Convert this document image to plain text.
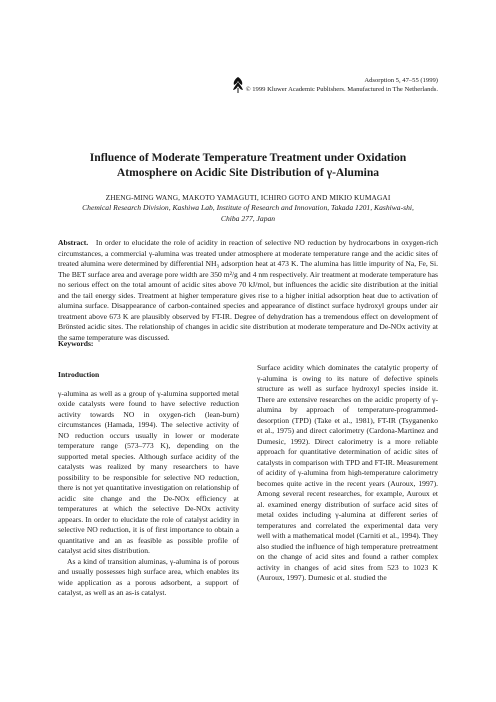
Adsorption 5, 47–55 (1999)
© 1999 Kluwer Academic Publishers. Manufactured in The Netherlands.
Influence of Moderate Temperature Treatment under Oxidation
Atmosphere on Acidic Site Distribution of γ-Alumina
ZHENG-MING WANG, MAKOTO YAMAGUTI, ICHIRO GOTO AND MIKIO KUMAGAI
Chemical Research Division, Kashiwa Lab, Institute of Research and Innovation, Takada 1201, Kashiwa-shi,
Chiba 277, Japan
Abstract. In order to elucidate the role of acidity in reaction of selective NO reduction by hydrocarbons in oxygen-rich circumstances, a commercial γ-alumina was treated under atmosphere at moderate temperature range and the acidic sites of treated alumina were determined by differential NH₃ adsorption heat at 473 K. The alumina has little impurity of Na, Fe, Si. The BET surface area and average pore width are 350 m²/g and 4 nm respectively. Air treatment at moderate temperature has no serious effect on the total amount of acidic sites above 70 kJ/mol, but influences the acidic site distribution at the initial and the tail energy sides. Treatment at higher temperature gives rise to a higher initial adsorption heat due to activation of alumina surface. Disappearance of carbon-contained species and appearance of distinct surface hydroxyl groups under air treatment above 673 K are plausibly observed by FT-IR. Degree of dehydration has a tremendous effect on development of Brönsted acidic sites. The relationship of changes in acidic site distribution at moderate temperature and De-NOx activity at the same temperature was discussed.
Keywords:
Introduction

γ-alumina as well as a group of γ-alumina supported metal oxide catalysts were found to have selective reduction activity towards NO in oxygen-rich (lean-burn) circumstances (Hamada, 1994). The selective activity of NO reduction occurs usually in lower or moderate temperature range (573–773 K), depending on the supported metal species. Although surface acidity of the catalysts was realized by many researchers to have possibility to be responsible for selective NO reduction, there is not yet quantitative investigation on relationship of acidic site change and the De-NOx efficiency at temperatures at which the selective De-NOx activity appears. In order to elucidate the role of catalyst acidity in selective NO reduction, it is of first importance to obtain a quantitative and an as feasible as possible profile of catalyst acid sites distribution.

As a kind of transition aluminas, γ-alumina is of porous and usually possesses high surface area, which enables its wide application as a porous adsorbent, a support of catalyst, as well as an as-is catalyst.

Surface acidity which dominates the catalytic property of γ-alumina is owing to its nature of defective spinels structure as well as surface hydroxyl species inside it. There are extensive researches on the acidic property of γ-alumina by approach of temperature-programmed-desorption (TPD) (Take et al., 1981), FT-IR (Tsyganenko et al., 1975) and direct calorimetry (Cardona-Martinez and Dumesic, 1992). Direct calorimetry is a more reliable approach for quantitative determination of acidic sites of catalysts in comparison with TPD and FT-IR. Measurement of acidity of γ-alumina from high-temperature calorimetry becomes quite active in the recent years (Auroux, 1997). Among several recent researches, for example, Auroux et al. examined energy distribution of surface acid sites of metal oxides including γ-alumina at different series of temperatures and correlated the experimental data very well with a mathematical model (Carniti et al., 1994). They also studied the influence of high temperature pretreatment on the change of acid sites and found a rather complex activity in changes of acid sites from 523 to 1023 K (Auroux, 1997). Dumesic et al. studied the
